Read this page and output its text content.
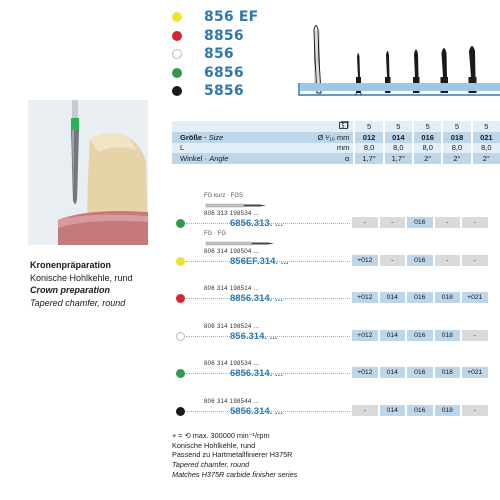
856 EF
8856
856
6856
5856
Kronenpräparation
Konische Hohlkehle, rund
Crown preparation
Tapered chamfer, round

5		5		5		5		5		5
Größe · Size	Ø ¹⁄₁₀ mm		012		014		016		018		021
L	mm		8,0		8,0		8,0		8,0		8,0
Winkel · Angle	α		1,7°		1,7°		2°		2°		2°
FG kurz · FGS
806 313 198534 ...
6856.313. ...	-	-	016	-	-
FG · FG
806 314 198504 ...
856EF.314. ...	+012	-	016	-	-
806 314 198514 ...
8856.314. ...	+012	014	016	018	+021
806 314 198524 ...
856.314. ...	+012	014	016	018	-
806 314 198534 ...
6856.314. ...	+012	014	016	018	+021
806 314 198544 ...
5856.314. ...	-	014	016	018	-
+ = ⟲ max. 300000 min⁻¹/rpm
Konische Hohlkehle, rund
Passend zu Hartmetallfinierer H375R
Tapered chamfer, round
Matches H375R carbide finisher series
